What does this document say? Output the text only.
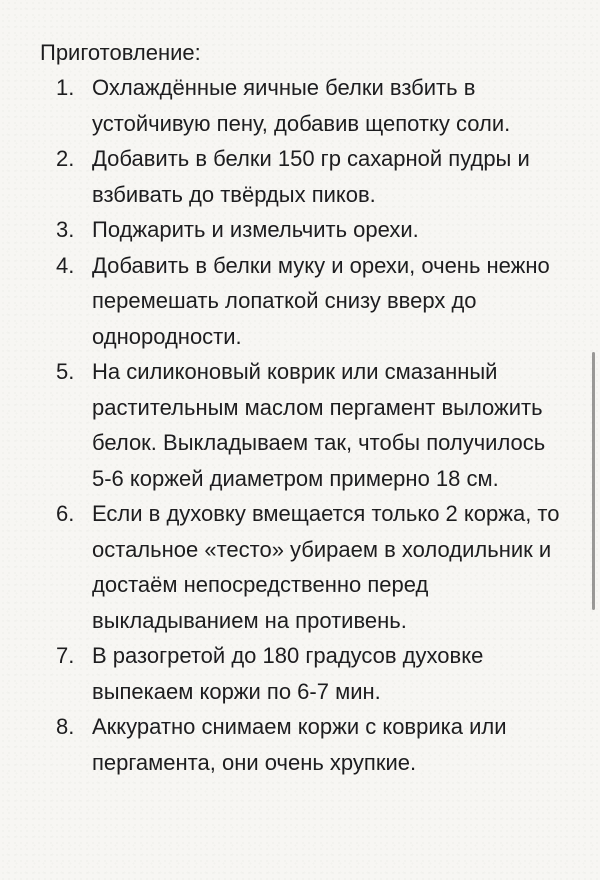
Приготовление:
1. Охлаждённые яичные белки взбить в устойчивую пену, добавив щепотку соли.
2. Добавить в белки 150 гр сахарной пудры и взбивать до твёрдых пиков.
3. Поджарить и измельчить орехи.
4. Добавить в белки муку и орехи, очень нежно перемешать лопаткой снизу вверх до однородности.
5. На силиконовый коврик или смазанный растительным маслом пергамент выложить белок. Выкладываем так, чтобы получилось 5-6 коржей диаметром примерно 18 см.
6. Если в духовку вмещается только 2 коржа, то остальное «тесто» убираем в холодильник и достаём непосредственно перед выкладыванием на противень.
7. В разогретой до 180 градусов духовке выпекаем коржи по 6-7 мин.
8. Аккуратно снимаем коржи с коврика или пергамента, они очень хрупкие.
